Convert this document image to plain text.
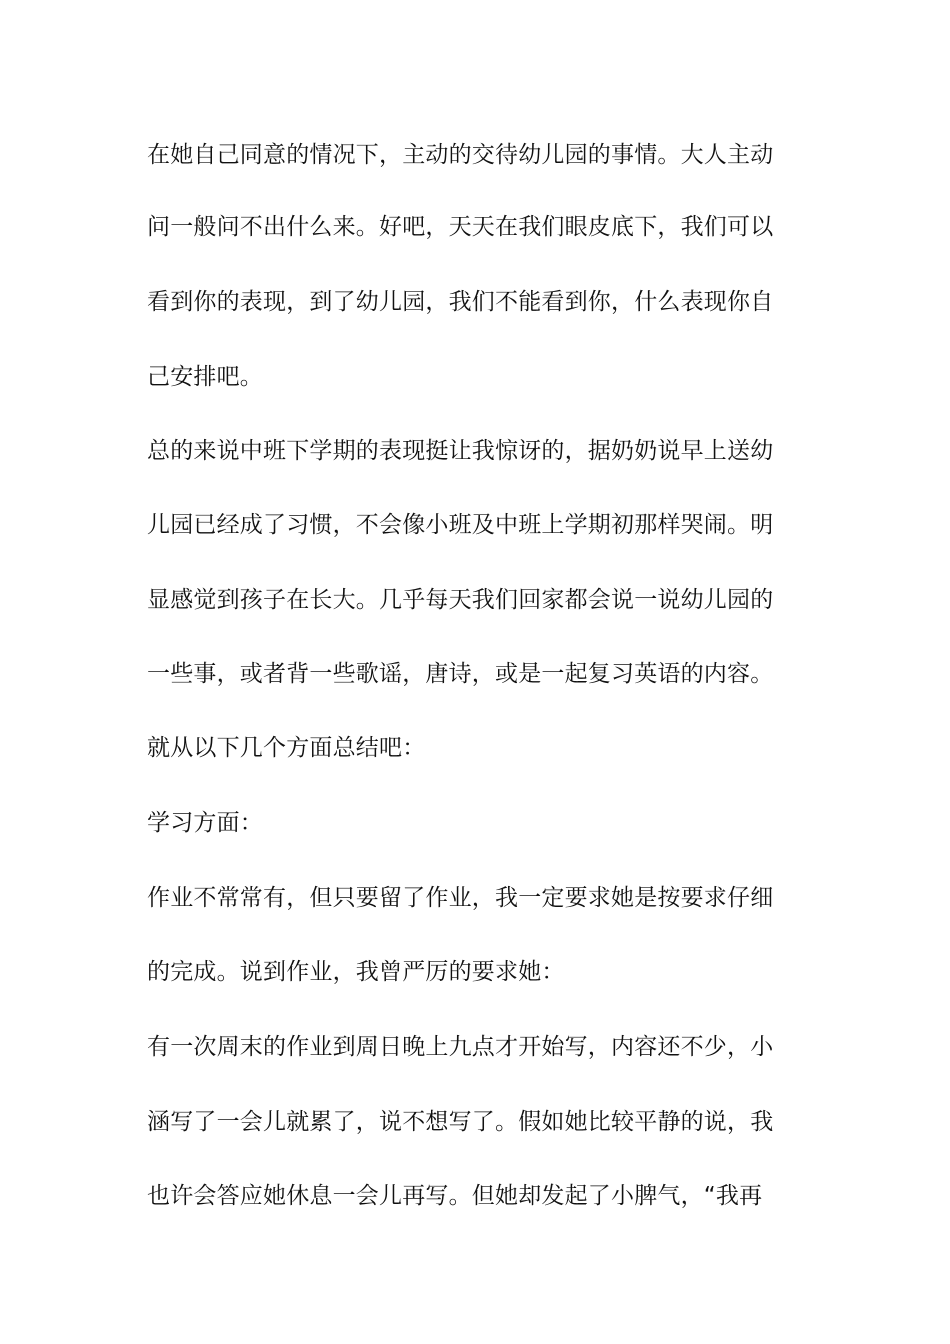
在她自己同意的情况下，主动的交待幼儿园的事情。大人主动
问一般问不出什么来。好吧，天天在我们眼皮底下，我们可以
看到你的表现，到了幼儿园，我们不能看到你，什么表现你自
己安排吧。
总的来说中班下学期的表现挺让我惊讶的，据奶奶说早上送幼
儿园已经成了习惯，不会像小班及中班上学期初那样哭闹。明
显感觉到孩子在长大。几乎每天我们回家都会说一说幼儿园的
一些事，或者背一些歌谣，唐诗，或是一起复习英语的内容。
就从以下几个方面总结吧：
学习方面：
作业不常常有，但只要留了作业，我一定要求她是按要求仔细
的完成。说到作业，我曾严厉的要求她：
有一次周末的作业到周日晚上九点才开始写，内容还不少，小
涵写了一会儿就累了，说不想写了。假如她比较平静的说，我
也许会答应她休息一会儿再写。但她却发起了小脾气，“我再
